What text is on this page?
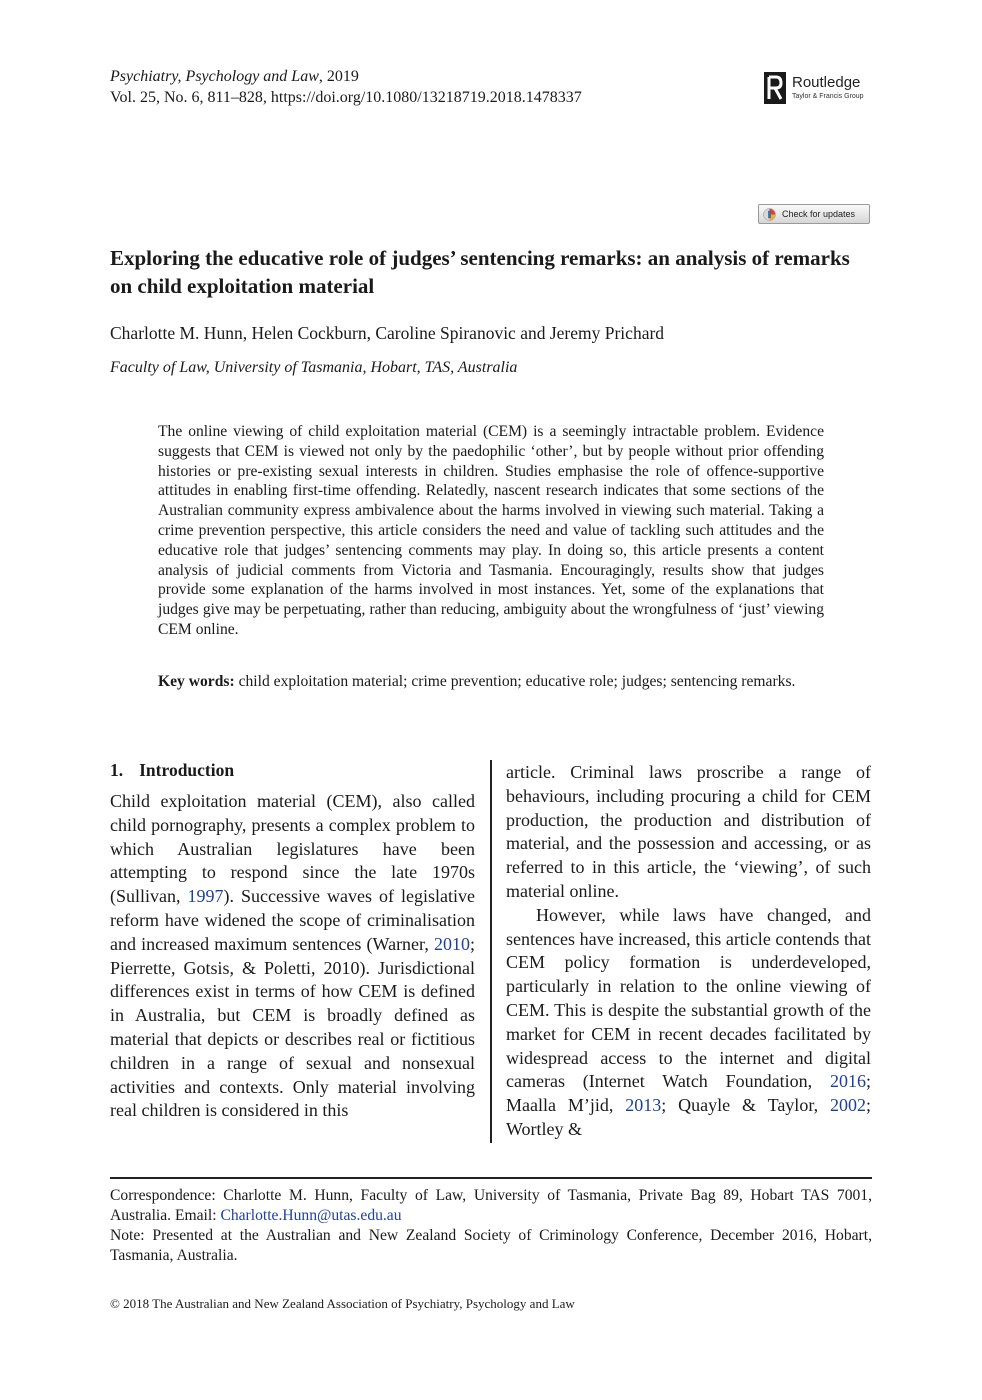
Psychiatry, Psychology and Law, 2019
Vol. 25, No. 6, 811–828, https://doi.org/10.1080/13218719.2018.1478337
Routledge
Taylor & Francis Group
Check for updates
Exploring the educative role of judges’ sentencing remarks: an analysis of remarks on child exploitation material
Charlotte M. Hunn, Helen Cockburn, Caroline Spiranovic and Jeremy Prichard
Faculty of Law, University of Tasmania, Hobart, TAS, Australia

The online viewing of child exploitation material (CEM) is a seemingly intractable problem. Evidence suggests that CEM is viewed not only by the paedophilic ‘other’, but by people without prior offending histories or pre-existing sexual interests in children. Studies emphasise the role of offence-supportive attitudes in enabling first-time offending. Relatedly, nascent research indicates that some sections of the Australian community express ambivalence about the harms involved in viewing such material. Taking a crime prevention perspective, this article considers the need and value of tackling such attitudes and the educative role that judges’ sentencing comments may play. In doing so, this article presents a content analysis of judicial comments from Victoria and Tasmania. Encouragingly, results show that judges provide some explanation of the harms involved in most instances. Yet, some of the explanations that judges give may be perpetuating, rather than reducing, ambiguity about the wrongfulness of ‘just’ viewing CEM online.

Key words: child exploitation material; crime prevention; educative role; judges; sentencing remarks.

1. Introduction

Child exploitation material (CEM), also called child pornography, presents a complex problem to which Australian legislatures have been attempting to respond since the late 1970s (Sullivan, 1997). Successive waves of legislative reform have widened the scope of criminalisation and increased maximum sentences (Warner, 2010; Pierrette, Gotsis, & Poletti, 2010). Jurisdictional differences exist in terms of how CEM is defined in Australia, but CEM is broadly defined as material that depicts or describes real or fictitious children in a range of sexual and nonsexual activities and contexts. Only material involving real children is considered in this

article. Criminal laws proscribe a range of behaviours, including procuring a child for CEM production, the production and distribution of material, and the possession and accessing, or as referred to in this article, the ‘viewing’, of such material online.

However, while laws have changed, and sentences have increased, this article contends that CEM policy formation is underdeveloped, particularly in relation to the online viewing of CEM. This is despite the substantial growth of the market for CEM in recent decades facilitated by widespread access to the internet and digital cameras (Internet Watch Foundation, 2016; Maalla M’jid, 2013; Quayle & Taylor, 2002; Wortley &

Correspondence: Charlotte M. Hunn, Faculty of Law, University of Tasmania, Private Bag 89, Hobart TAS 7001, Australia. Email: Charlotte.Hunn@utas.edu.au

Note: Presented at the Australian and New Zealand Society of Criminology Conference, December 2016, Hobart, Tasmania, Australia.

© 2018 The Australian and New Zealand Association of Psychiatry, Psychology and Law
